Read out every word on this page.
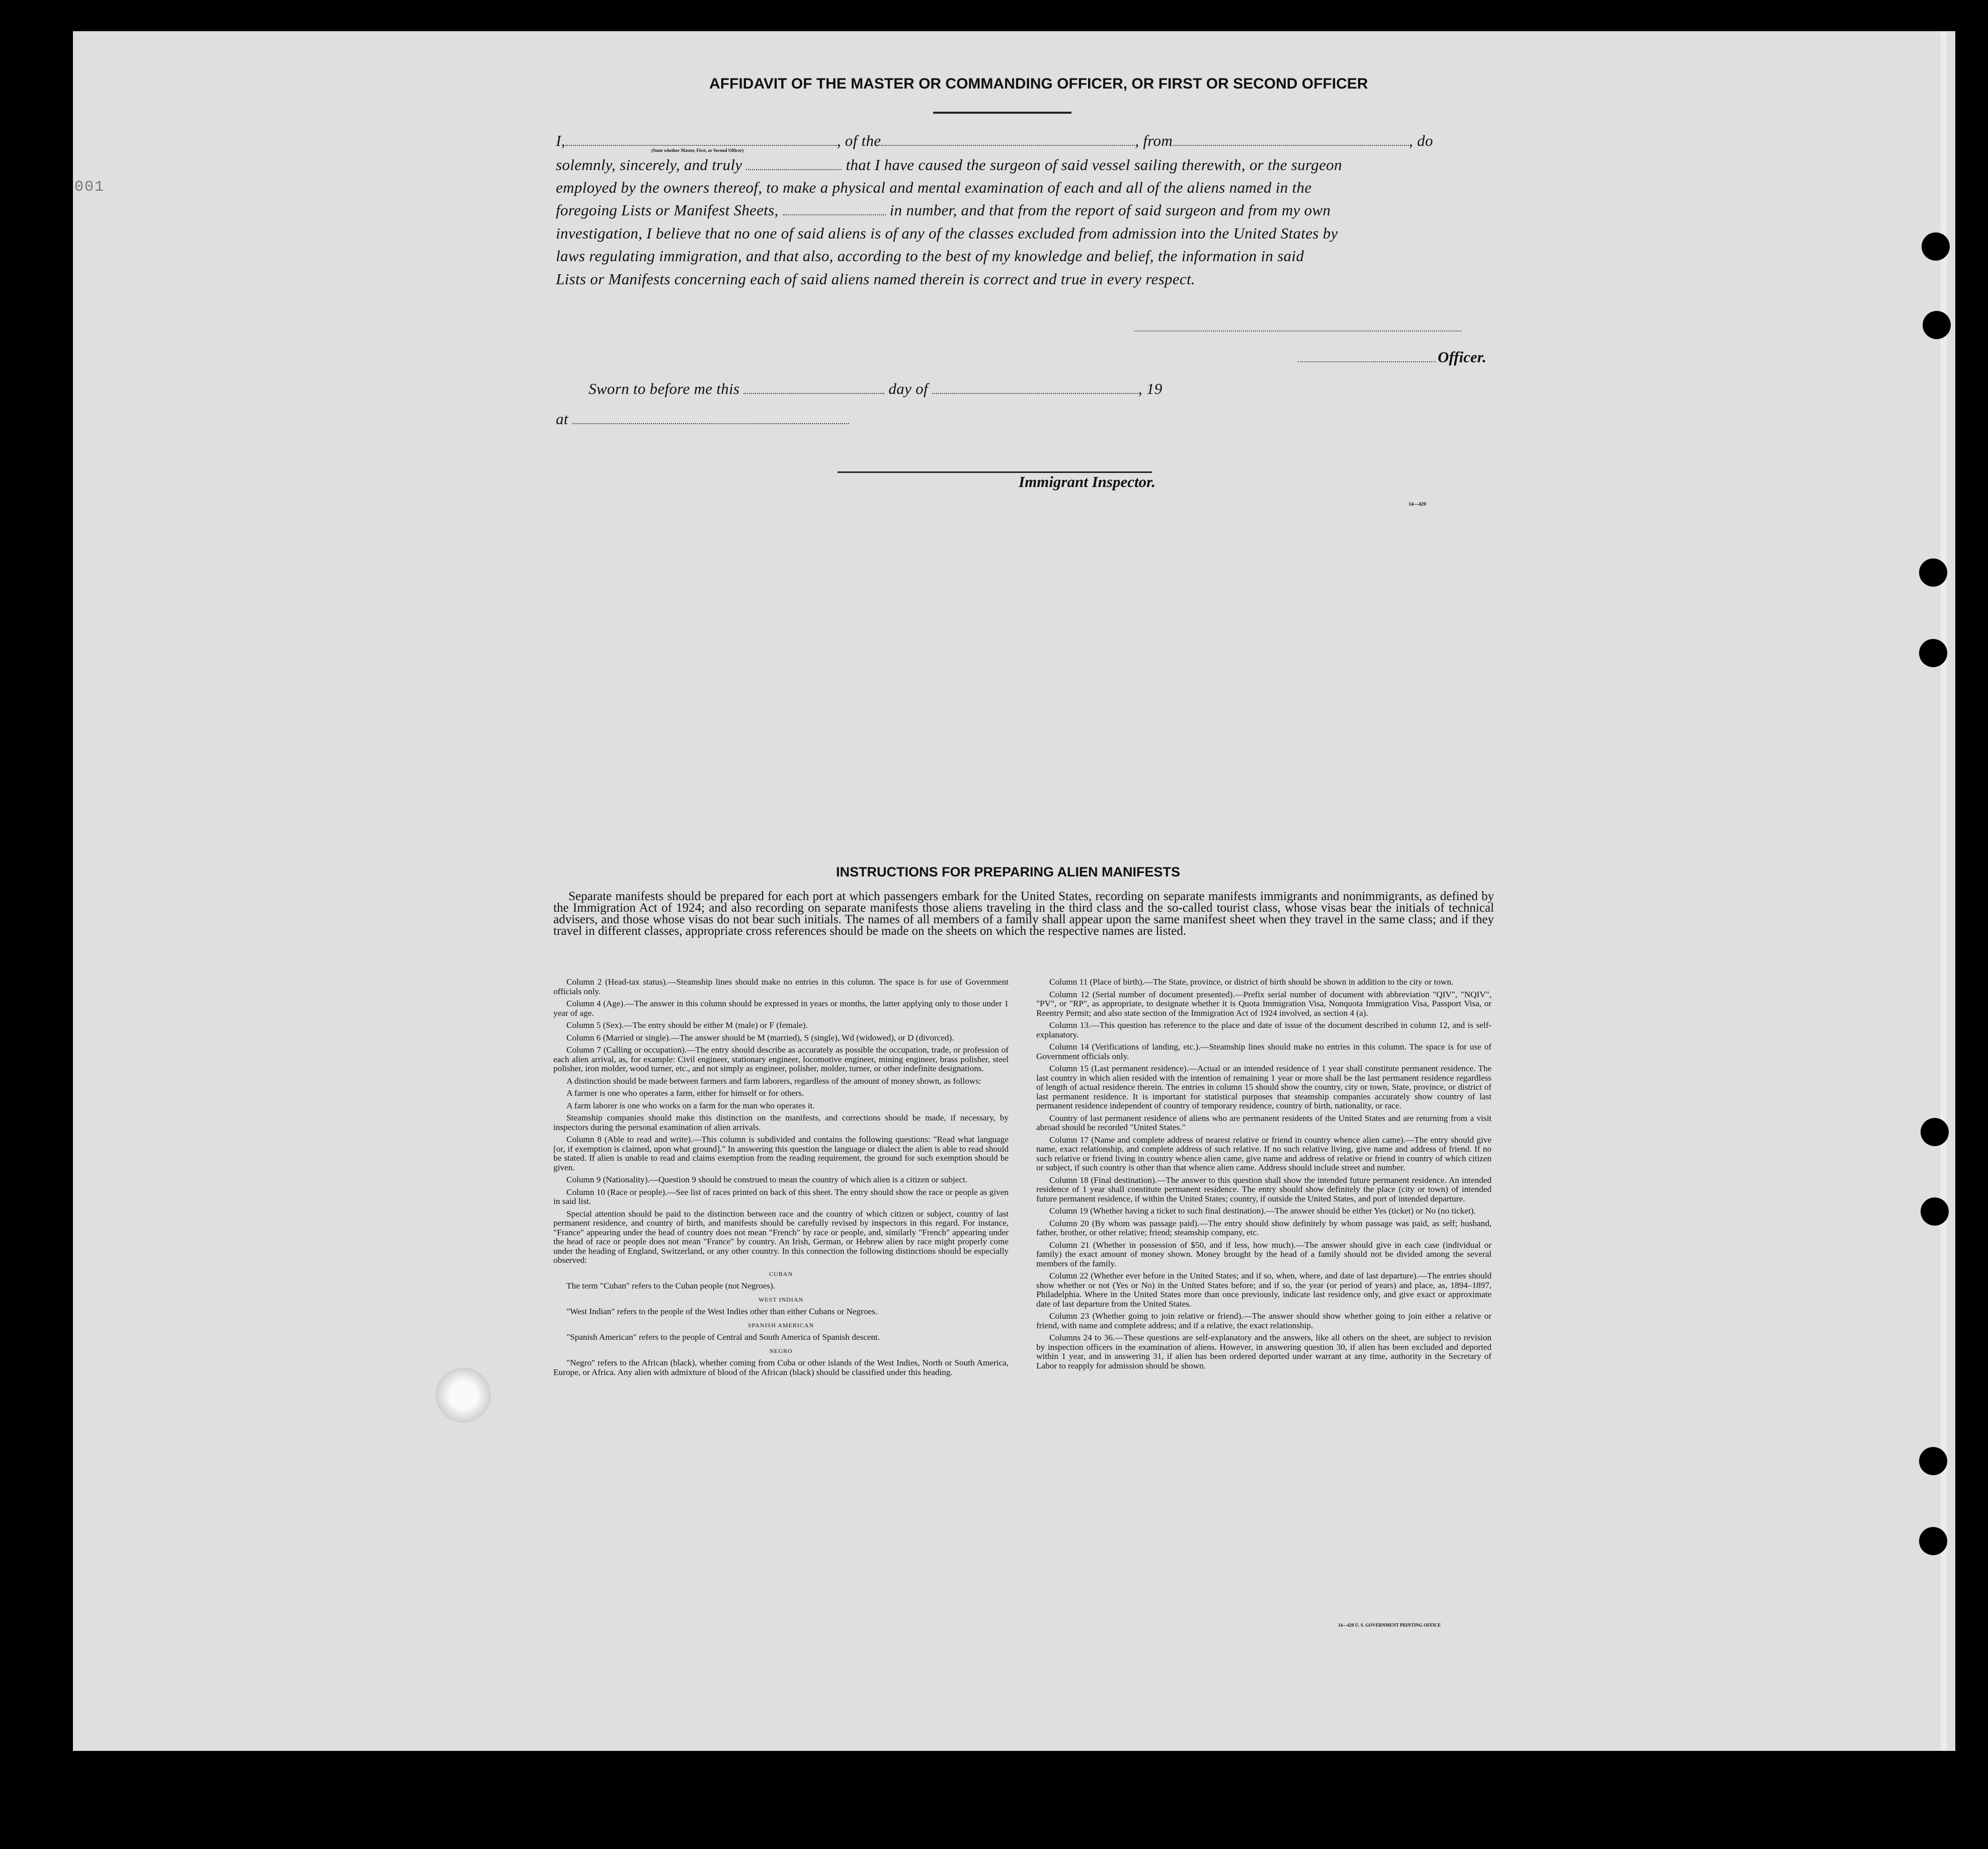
001
AFFIDAVIT OF THE MASTER OR COMMANDING OFFICER, OR FIRST OR SECOND OFFICER
I,	, of the	, from	, do
(State whether Master, First, or Second Officer)
solemnly, sincerely, and truly	that I have caused the surgeon of said vessel sailing therewith, or the surgeon
employed by the owners thereof, to make a physical and mental examination of each and all of the aliens named in the
foregoing Lists or Manifest Sheets,	in number, and that from the report of said surgeon and from my own
investigation, I believe that no one of said aliens is of any of the classes excluded from admission into the United States by
laws regulating immigration, and that also, according to the best of my knowledge and belief, the information in said
Lists or Manifests concerning each of said aliens named therein is correct and true in every respect.
Officer.
Sworn to before me this	day of	, 19
at
Immigrant Inspector.
14—420
INSTRUCTIONS FOR PREPARING ALIEN MANIFESTS
Separate manifests should be prepared for each port at which passengers embark for the United States, recording on separate manifests immigrants and nonimmigrants, as defined by the Immigration Act of 1924; and also recording on separate manifests those aliens traveling in the third class and the so-called tourist class, whose visas bear the initials of technical advisers, and those whose visas do not bear such initials. The names of all members of a family shall appear upon the same manifest sheet when they travel in the same class; and if they travel in different classes, appropriate cross references should be made on the sheets on which the respective names are listed.

Column 2 (Head-tax status).—Steamship lines should make no entries in this column. The space is for use of Government officials only.

Column 4 (Age).—The answer in this column should be expressed in years or months, the latter applying only to those under 1 year of age.

Column 5 (Sex).—The entry should be either M (male) or F (female).

Column 6 (Married or single).—The answer should be M (married), S (single), Wd (widowed), or D (divorced).

Column 7 (Calling or occupation).—The entry should describe as accurately as possible the occupation, trade, or profession of each alien arrival, as, for example: Civil engineer, stationary engineer, locomotive engineer, mining engineer, brass polisher, steel polisher, iron molder, wood turner, etc., and not simply as engineer, polisher, molder, turner, or other indefinite designations.

A distinction should be made between farmers and farm laborers, regardless of the amount of money shown, as follows:

A farmer is one who operates a farm, either for himself or for others.

A farm laborer is one who works on a farm for the man who operates it.

Steamship companies should make this distinction on the manifests, and corrections should be made, if necessary, by inspectors during the personal examination of alien arrivals.

Column 8 (Able to read and write).—This column is subdivided and contains the following questions: "Read what language [or, if exemption is claimed, upon what ground]." In answering this question the language or dialect the alien is able to read should be stated. If alien is unable to read and claims exemption from the reading requirement, the ground for such exemption should be given.

Column 9 (Nationality).—Question 9 should be construed to mean the country of which alien is a citizen or subject.

Column 10 (Race or people).—See list of races printed on back of this sheet. The entry should show the race or people as given in said list.

Special attention should be paid to the distinction between race and the country of which citizen or subject, country of last permanent residence, and country of birth, and manifests should be carefully revised by inspectors in this regard. For instance, "France" appearing under the head of country does not mean "French" by race or people, and, similarly "French" appearing under the head of race or people does not mean "France" by country. An Irish, German, or Hebrew alien by race might properly come under the heading of England, Switzerland, or any other country. In this connection the following distinctions should be especially observed:

CUBAN

The term "Cuban" refers to the Cuban people (not Negroes).

WEST INDIAN

"West Indian" refers to the people of the West Indies other than either Cubans or Negroes.

SPANISH AMERICAN

"Spanish American" refers to the people of Central and South America of Spanish descent.

NEGRO

"Negro" refers to the African (black), whether coming from Cuba or other islands of the West Indies, North or South America, Europe, or Africa. Any alien with admixture of blood of the African (black) should be classified under this heading.

Column 11 (Place of birth).—The State, province, or district of birth should be shown in addition to the city or town.

Column 12 (Serial number of document presented).—Prefix serial number of document with abbreviation "QIV", "NQIV", "PV", or "RP", as appropriate, to designate whether it is Quota Immigration Visa, Nonquota Immigration Visa, Passport Visa, or Reentry Permit; and also state section of the Immigration Act of 1924 involved, as section 4 (a).

Column 13.—This question has reference to the place and date of issue of the document described in column 12, and is self-explanatory.

Column 14 (Verifications of landing, etc.).—Steamship lines should make no entries in this column. The space is for use of Government officials only.

Column 15 (Last permanent residence).—Actual or an intended residence of 1 year shall constitute permanent residence. The last country in which alien resided with the intention of remaining 1 year or more shall be the last permanent residence regardless of length of actual residence therein. The entries in column 15 should show the country, city or town, State, province, or district of last permanent residence. It is important for statistical purposes that steamship companies accurately show country of last permanent residence independent of country of temporary residence, country of birth, nationality, or race.

Country of last permanent residence of aliens who are permanent residents of the United States and are returning from a visit abroad should be recorded "United States."

Column 17 (Name and complete address of nearest relative or friend in country whence alien came).—The entry should give name, exact relationship, and complete address of such relative. If no such relative living, give name and address of friend. If no such relative or friend living in country whence alien came, give name and address of relative or friend in country of which citizen or subject, if such country is other than that whence alien came. Address should include street and number.

Column 18 (Final destination).—The answer to this question shall show the intended future permanent residence. An intended residence of 1 year shall constitute permanent residence. The entry should show definitely the place (city or town) of intended future permanent residence, if within the United States; country, if outside the United States, and port of intended departure.

Column 19 (Whether having a ticket to such final destination).—The answer should be either Yes (ticket) or No (no ticket).

Column 20 (By whom was passage paid).—The entry should show definitely by whom passage was paid, as self; husband, father, brother, or other relative; friend; steamship company, etc.

Column 21 (Whether in possession of $50, and if less, how much).—The answer should give in each case (individual or family) the exact amount of money shown. Money brought by the head of a family should not be divided among the several members of the family.

Column 22 (Whether ever before in the United States; and if so, when, where, and date of last departure).—The entries should show whether or not (Yes or No) in the United States before; and if so, the year (or period of years) and place, as, 1894–1897, Philadelphia. Where in the United States more than once previously, indicate last residence only, and give exact or approximate date of last departure from the United States.

Column 23 (Whether going to join relative or friend).—The answer should show whether going to join either a relative or friend, with name and complete address; and if a relative, the exact relationship.

Columns 24 to 36.—These questions are self-explanatory and the answers, like all others on the sheet, are subject to revision by inspection officers in the examination of aliens. However, in answering question 30, if alien has been excluded and deported within 1 year, and in answering 31, if alien has been ordered deported under warrant at any time, authority in the Secretary of Labor to reapply for admission should be shown.

14—420 U. S. GOVERNMENT PRINTING OFFICE
